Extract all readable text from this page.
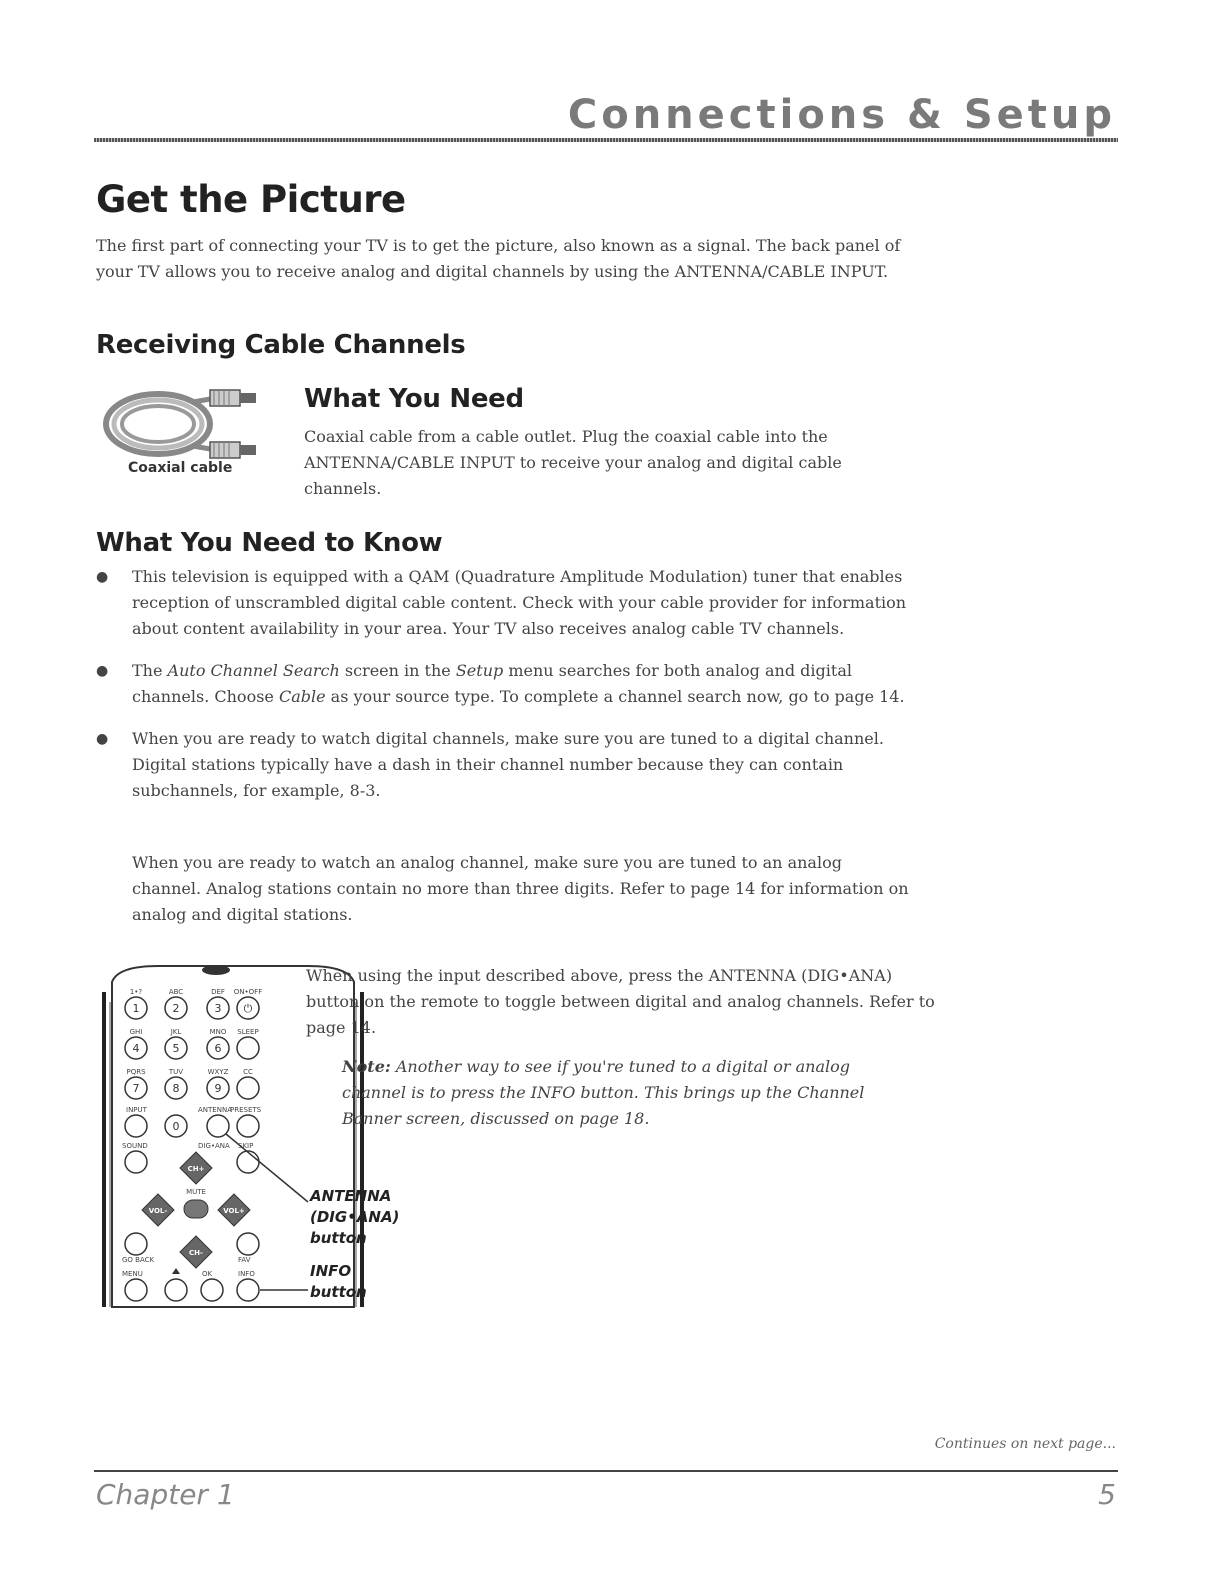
Connections & Setup
Get the Picture
The first part of connecting your TV is to get the picture, also known as a signal. The back panel of your TV allows you to receive analog and digital channels by using the ANTENNA/CABLE INPUT.
Receiving Cable Channels
Coaxial cable
What You Need
Coaxial cable from a cable outlet. Plug the coaxial cable into the ANTENNA/CABLE INPUT to receive your analog and digital cable channels.
What You Need to Know
● This television is equipped with a QAM (Quadrature Amplitude Modulation) tuner that enables reception of unscrambled digital cable content. Check with your cable provider for information about content availability in your area. Your TV also receives analog cable TV channels.
● The Auto Channel Search screen in the Setup menu searches for both analog and digital channels. Choose Cable as your source type. To complete a channel search now, go to page 14.
● When you are ready to watch digital channels, make sure you are tuned to a digital channel. Digital stations typically have a dash in their channel number because they can contain subchannels, for example, 8-3.
When you are ready to watch an analog channel, make sure you are tuned to an analog channel. Analog stations contain no more than three digits. Refer to page 14 for information on analog and digital stations.
1•?	ABC	DEF ON•OFF
1	2	3 ⏻
GHI	JKL	MNO SLEEP
4	5	6
PQRS	TUV	WXYZ CC
7	8	9
INPUT	ANTENNA
PRESETS
0
SOUND	DIG•ANA SKIP
CH+
VOL-	VOL+
CH-
MUTE
GO BACK	FAV
MENU	OK	INFO
When using the input described above, press the ANTENNA (DIG•ANA) button on the remote to toggle between digital and analog channels. Refer to page 14.
Note: Another way to see if you're tuned to a digital or analog channel is to press the INFO button. This brings up the Channel Banner screen, discussed on page 18.
ANTENNA
(DIG•ANA)
button
INFO
button
Continues on next page...
Chapter 1	5
